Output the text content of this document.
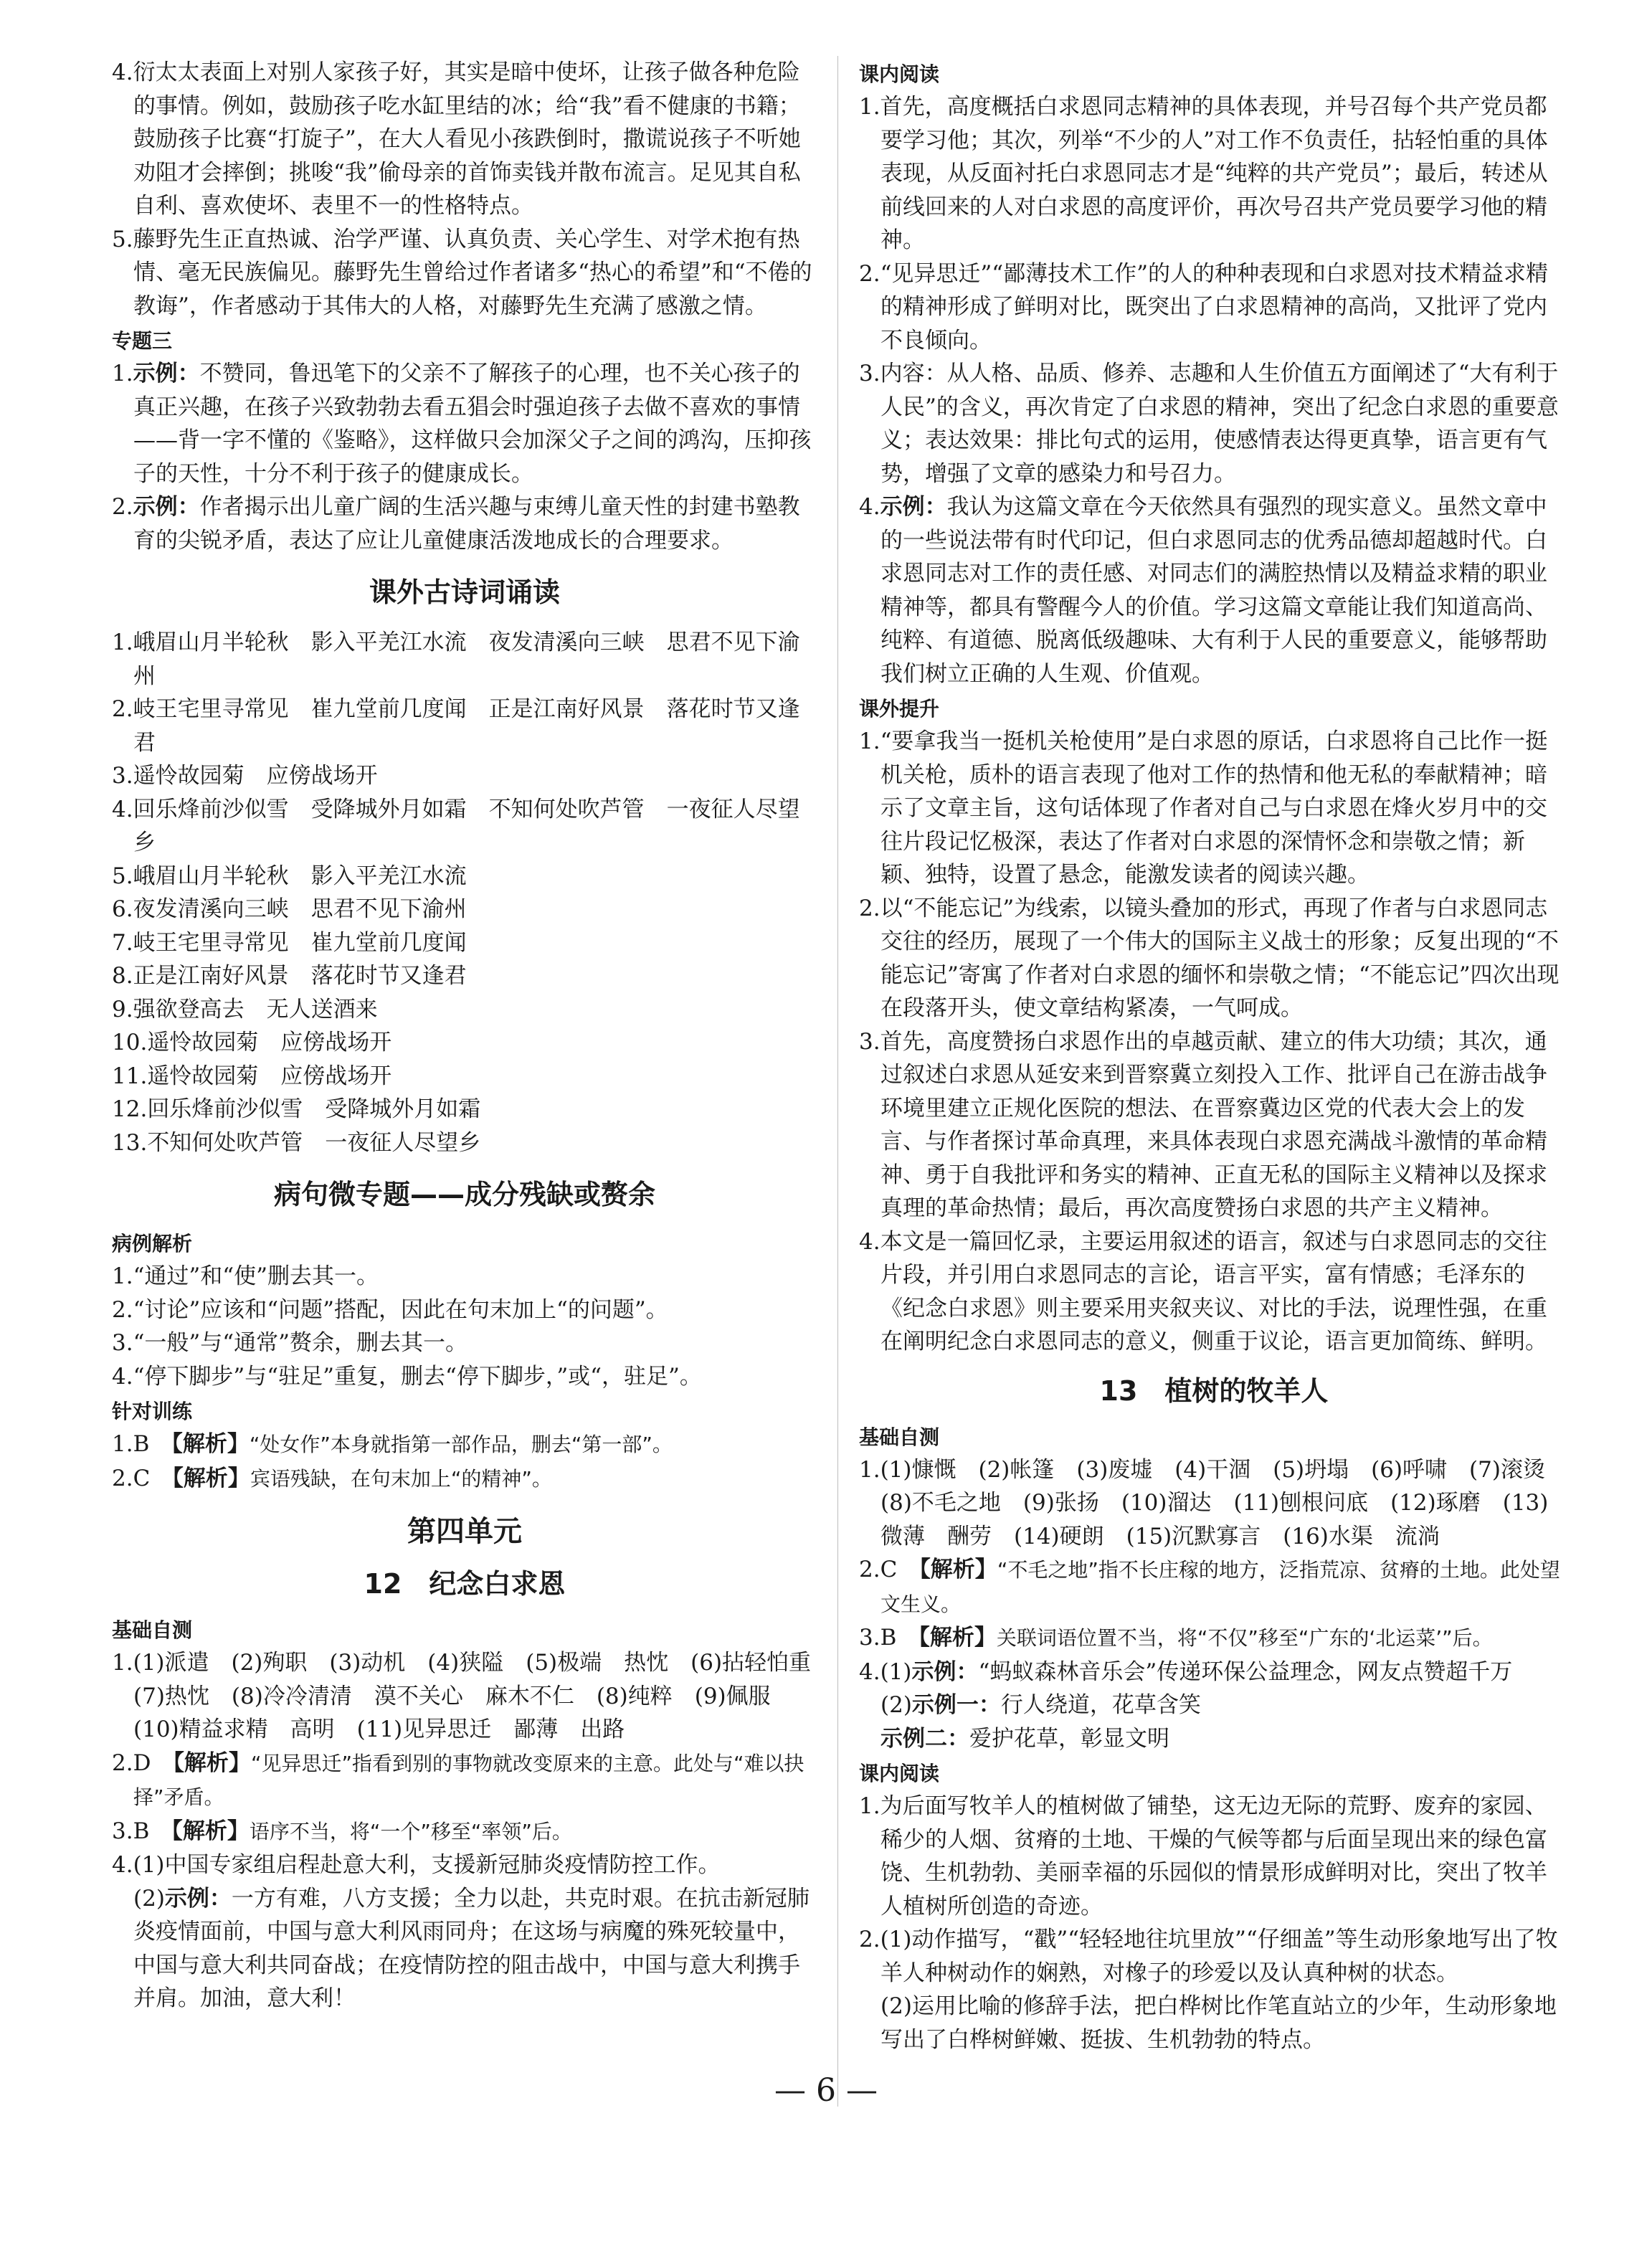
4.衍太太表面上对别人家孩子好，其实是暗中使坏，让孩子做各种危险的事情。例如，鼓励孩子吃水缸里结的冰；给“我”看不健康的书籍；鼓励孩子比赛“打旋子”，在大人看见小孩跌倒时，撒谎说孩子不听她劝阻才会摔倒；挑唆“我”偷母亲的首饰卖钱并散布流言。足见其自私自利、喜欢使坏、表里不一的性格特点。

5.藤野先生正直热诚、治学严谨、认真负责、关心学生、对学术抱有热情、毫无民族偏见。藤野先生曾给过作者诸多“热心的希望”和“不倦的教诲”，作者感动于其伟大的人格，对藤野先生充满了感激之情。

专题三

1.示例：不赞同，鲁迅笔下的父亲不了解孩子的心理，也不关心孩子的真正兴趣，在孩子兴致勃勃去看五猖会时强迫孩子去做不喜欢的事情——背一字不懂的《鉴略》，这样做只会加深父子之间的鸿沟，压抑孩子的天性，十分不利于孩子的健康成长。

2.示例：作者揭示出儿童广阔的生活兴趣与束缚儿童天性的封建书塾教育的尖锐矛盾，表达了应让儿童健康活泼地成长的合理要求。

课外古诗词诵读

1.峨眉山月半轮秋　影入平羌江水流　夜发清溪向三峡　思君不见下渝州

2.岐王宅里寻常见　崔九堂前几度闻　正是江南好风景　落花时节又逢君

3.遥怜故园菊　应傍战场开

4.回乐烽前沙似雪　受降城外月如霜　不知何处吹芦管　一夜征人尽望乡

5.峨眉山月半轮秋　影入平羌江水流

6.夜发清溪向三峡　思君不见下渝州

7.岐王宅里寻常见　崔九堂前几度闻

8.正是江南好风景　落花时节又逢君

9.强欲登高去　无人送酒来

10.遥怜故园菊　应傍战场开

11.遥怜故园菊　应傍战场开

12.回乐烽前沙似雪　受降城外月如霜

13.不知何处吹芦管　一夜征人尽望乡

病句微专题——成分残缺或赘余

病例解析

1.“通过”和“使”删去其一。

2.“讨论”应该和“问题”搭配，因此在句末加上“的问题”。

3.“一般”与“通常”赘余，删去其一。

4.“停下脚步”与“驻足”重复，删去“停下脚步，”或“，驻足”。

针对训练

1.B　 【解析】“处女作”本身就指第一部作品，删去“第一部”。

2.C　 【解析】宾语残缺，在句末加上“的精神”。

第四单元
12　纪念白求恩

基础自测

1.(1)派遣　(2)殉职　(3)动机　(4)狭隘　(5)极端　热忱　(6)拈轻怕重　(7)热忱　(8)冷冷清清　漠不关心　麻木不仁　(8)纯粹　(9)佩服　(10)精益求精　高明　(11)见异思迁　鄙薄　出路

2.D　 【解析】“见异思迁”指看到别的事物就改变原来的主意。此处与“难以抉择”矛盾。

3.B　 【解析】语序不当，将“一个”移至“率领”后。

4.(1)中国专家组启程赴意大利，支援新冠肺炎疫情防控工作。

(2)示例：一方有难，八方支援；全力以赴，共克时艰。在抗击新冠肺炎疫情面前，中国与意大利风雨同舟；在这场与病魔的殊死较量中，中国与意大利共同奋战；在疫情防控的阻击战中，中国与意大利携手并肩。加油，意大利！

课内阅读

1.首先，高度概括白求恩同志精神的具体表现，并号召每个共产党员都要学习他；其次，列举“不少的人”对工作不负责任，拈轻怕重的具体表现，从反面衬托白求恩同志才是“纯粹的共产党员”；最后，转述从前线回来的人对白求恩的高度评价，再次号召共产党员要学习他的精神。

2.“见异思迁”“鄙薄技术工作”的人的种种表现和白求恩对技术精益求精的精神形成了鲜明对比，既突出了白求恩精神的高尚，又批评了党内不良倾向。

3.内容：从人格、品质、修养、志趣和人生价值五方面阐述了“大有利于人民”的含义，再次肯定了白求恩的精神，突出了纪念白求恩的重要意义；表达效果：排比句式的运用，使感情表达得更真挚，语言更有气势，增强了文章的感染力和号召力。

4.示例：我认为这篇文章在今天依然具有强烈的现实意义。虽然文章中的一些说法带有时代印记，但白求恩同志的优秀品德却超越时代。白求恩同志对工作的责任感、对同志们的满腔热情以及精益求精的职业精神等，都具有警醒今人的价值。学习这篇文章能让我们知道高尚、纯粹、有道德、脱离低级趣味、大有利于人民的重要意义，能够帮助我们树立正确的人生观、价值观。

课外提升

1.“要拿我当一挺机关枪使用”是白求恩的原话，白求恩将自己比作一挺机关枪，质朴的语言表现了他对工作的热情和他无私的奉献精神；暗示了文章主旨，这句话体现了作者对自己与白求恩在烽火岁月中的交往片段记忆极深，表达了作者对白求恩的深情怀念和崇敬之情；新颖、独特，设置了悬念，能激发读者的阅读兴趣。

2.以“不能忘记”为线索，以镜头叠加的形式，再现了作者与白求恩同志交往的经历，展现了一个伟大的国际主义战士的形象；反复出现的“不能忘记”寄寓了作者对白求恩的缅怀和崇敬之情；“不能忘记”四次出现在段落开头，使文章结构紧凑，一气呵成。

3.首先，高度赞扬白求恩作出的卓越贡献、建立的伟大功绩；其次，通过叙述白求恩从延安来到晋察冀立刻投入工作、批评自己在游击战争环境里建立正规化医院的想法、在晋察冀边区党的代表大会上的发言、与作者探讨革命真理，来具体表现白求恩充满战斗激情的革命精神、勇于自我批评和务实的精神、正直无私的国际主义精神以及探求真理的革命热情；最后，再次高度赞扬白求恩的共产主义精神。

4.本文是一篇回忆录，主要运用叙述的语言，叙述与白求恩同志的交往片段，并引用白求恩同志的言论，语言平实，富有情感；毛泽东的《纪念白求恩》则主要采用夹叙夹议、对比的手法，说理性强，在重在阐明纪念白求恩同志的意义，侧重于议论，语言更加简练、鲜明。

13　植树的牧羊人

基础自测

1.(1)慷慨　(2)帐篷　(3)废墟　(4)干涸　(5)坍塌　(6)呼啸　(7)滚烫　(8)不毛之地　(9)张扬　(10)溜达　(11)刨根问底　(12)琢磨　(13)微薄　酬劳　(14)硬朗　(15)沉默寡言　(16)水渠　流淌

2.C　 【解析】“不毛之地”指不长庄稼的地方，泛指荒凉、贫瘠的土地。此处望文生义。

3.B　 【解析】关联词语位置不当，将“不仅”移至“广东的‘北运菜’”后。

4.(1)示例：“蚂蚁森林音乐会”传递环保公益理念，网友点赞超千万

(2)示例一：行人绕道，花草含笑

示例二：爱护花草，彰显文明

课内阅读

1.为后面写牧羊人的植树做了铺垫，这无边无际的荒野、废弃的家园、稀少的人烟、贫瘠的土地、干燥的气候等都与后面呈现出来的绿色富饶、生机勃勃、美丽幸福的乐园似的情景形成鲜明对比，突出了牧羊人植树所创造的奇迹。

2.(1)动作描写，“戳”“轻轻地往坑里放”“仔细盖”等生动形象地写出了牧羊人种树动作的娴熟，对橡子的珍爱以及认真种树的状态。

(2)运用比喻的修辞手法，把白桦树比作笔直站立的少年，生动形象地写出了白桦树鲜嫩、挺拔、生机勃勃的特点。

— 6 —
